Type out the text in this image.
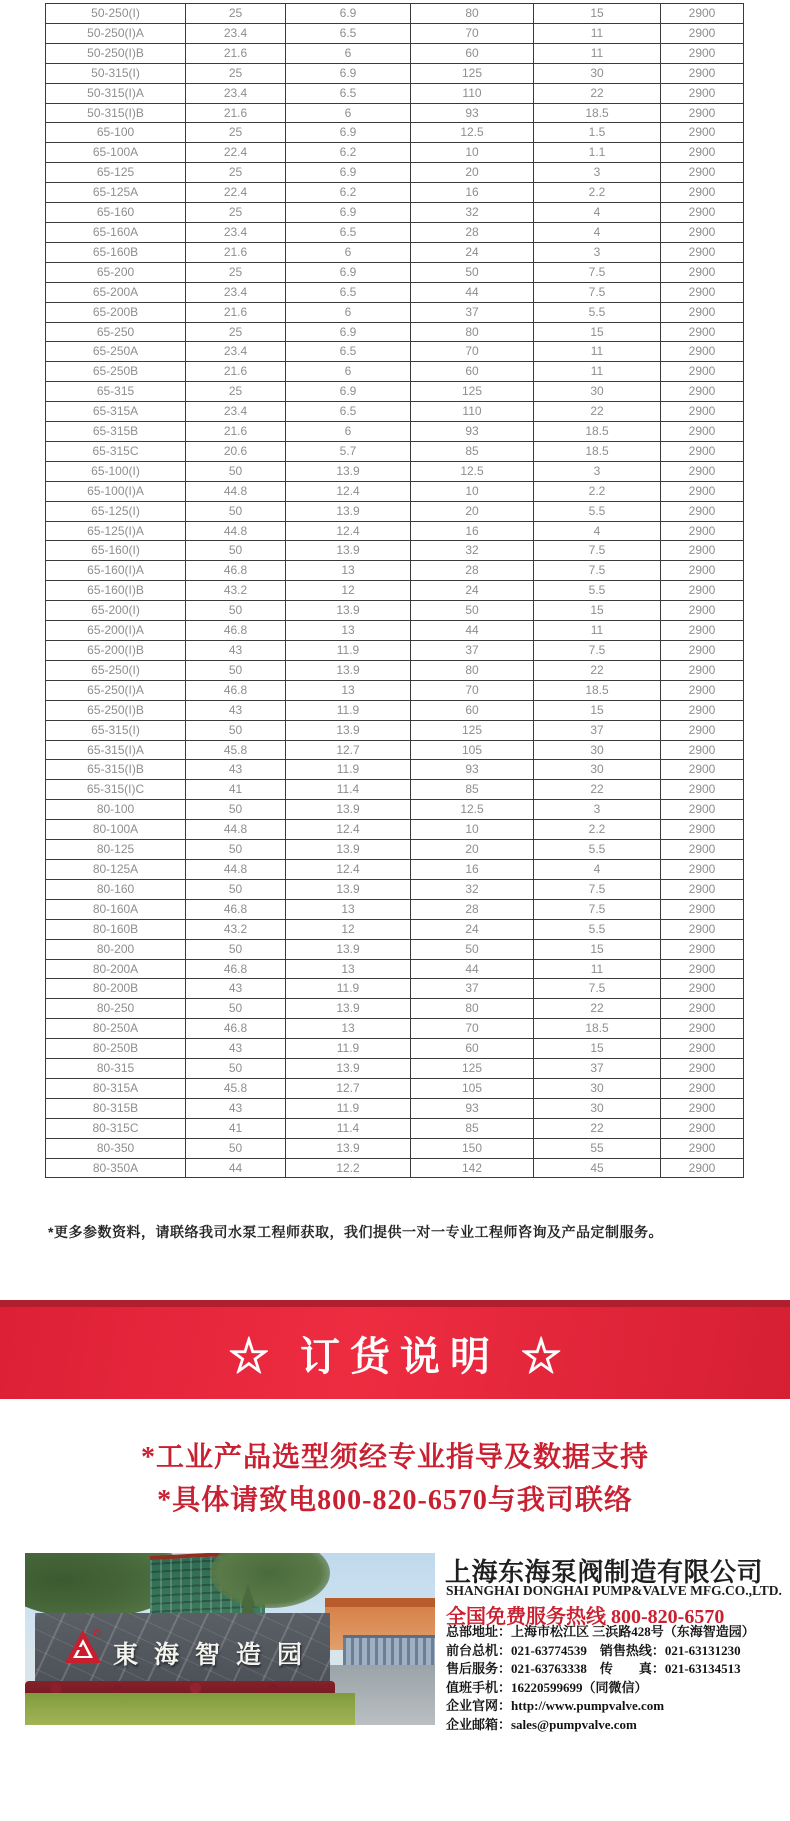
50-250(I)	25	6.9	80	15	2900
50-250(I)A	23.4	6.5	70	11	2900
50-250(I)B	21.6	6	60	11	2900
50-315(I)	25	6.9	125	30	2900
50-315(I)A	23.4	6.5	110	22	2900
50-315(I)B	21.6	6	93	18.5	2900
65-100	25	6.9	12.5	1.5	2900
65-100A	22.4	6.2	10	1.1	2900
65-125	25	6.9	20	3	2900
65-125A	22.4	6.2	16	2.2	2900
65-160	25	6.9	32	4	2900
65-160A	23.4	6.5	28	4	2900
65-160B	21.6	6	24	3	2900
65-200	25	6.9	50	7.5	2900
65-200A	23.4	6.5	44	7.5	2900
65-200B	21.6	6	37	5.5	2900
65-250	25	6.9	80	15	2900
65-250A	23.4	6.5	70	11	2900
65-250B	21.6	6	60	11	2900
65-315	25	6.9	125	30	2900
65-315A	23.4	6.5	110	22	2900
65-315B	21.6	6	93	18.5	2900
65-315C	20.6	5.7	85	18.5	2900
65-100(I)	50	13.9	12.5	3	2900
65-100(I)A	44.8	12.4	10	2.2	2900
65-125(I)	50	13.9	20	5.5	2900
65-125(I)A	44.8	12.4	16	4	2900
65-160(I)	50	13.9	32	7.5	2900
65-160(I)A	46.8	13	28	7.5	2900
65-160(I)B	43.2	12	24	5.5	2900
65-200(I)	50	13.9	50	15	2900
65-200(I)A	46.8	13	44	11	2900
65-200(I)B	43	11.9	37	7.5	2900
65-250(I)	50	13.9	80	22	2900
65-250(I)A	46.8	13	70	18.5	2900
65-250(I)B	43	11.9	60	15	2900
65-315(I)	50	13.9	125	37	2900
65-315(I)A	45.8	12.7	105	30	2900
65-315(I)B	43	11.9	93	30	2900
65-315(I)C	41	11.4	85	22	2900
80-100	50	13.9	12.5	3	2900
80-100A	44.8	12.4	10	2.2	2900
80-125	50	13.9	20	5.5	2900
80-125A	44.8	12.4	16	4	2900
80-160	50	13.9	32	7.5	2900
80-160A	46.8	13	28	7.5	2900
80-160B	43.2	12	24	5.5	2900
80-200	50	13.9	50	15	2900
80-200A	46.8	13	44	11	2900
80-200B	43	11.9	37	7.5	2900
80-250	50	13.9	80	22	2900
80-250A	46.8	13	70	18.5	2900
80-250B	43	11.9	60	15	2900
80-315	50	13.9	125	37	2900
80-315A	45.8	12.7	105	30	2900
80-315B	43	11.9	93	30	2900
80-315C	41	11.4	85	22	2900
80-350	50	13.9	150	55	2900
80-350A	44	12.2	142	45	2900
*更多参数资料，请联络我司水泵工程师获取，我们提供一对一专业工程师咨询及产品定制服务。
☆ 订货说明 ☆
*工业产品选型须经专业指导及数据支持
*具体请致电800-820-6570与我司联络
東海智造园
上海东海泵阀制造有限公司
SHANGHAI DONGHAI PUMP&VALVE MFG.CO.,LTD.
全国免费服务热线 800-820-6570
总部地址：上海市松江区 三浜路428号（东海智造园）
前台总机：021-63774539　销售热线：021-63131230
售后服务：021-63763338　传　　真：021-63134513
值班手机：16220599699（同微信）
企业官网：http://www.pumpvalve.com
企业邮箱：sales@pumpvalve.com
